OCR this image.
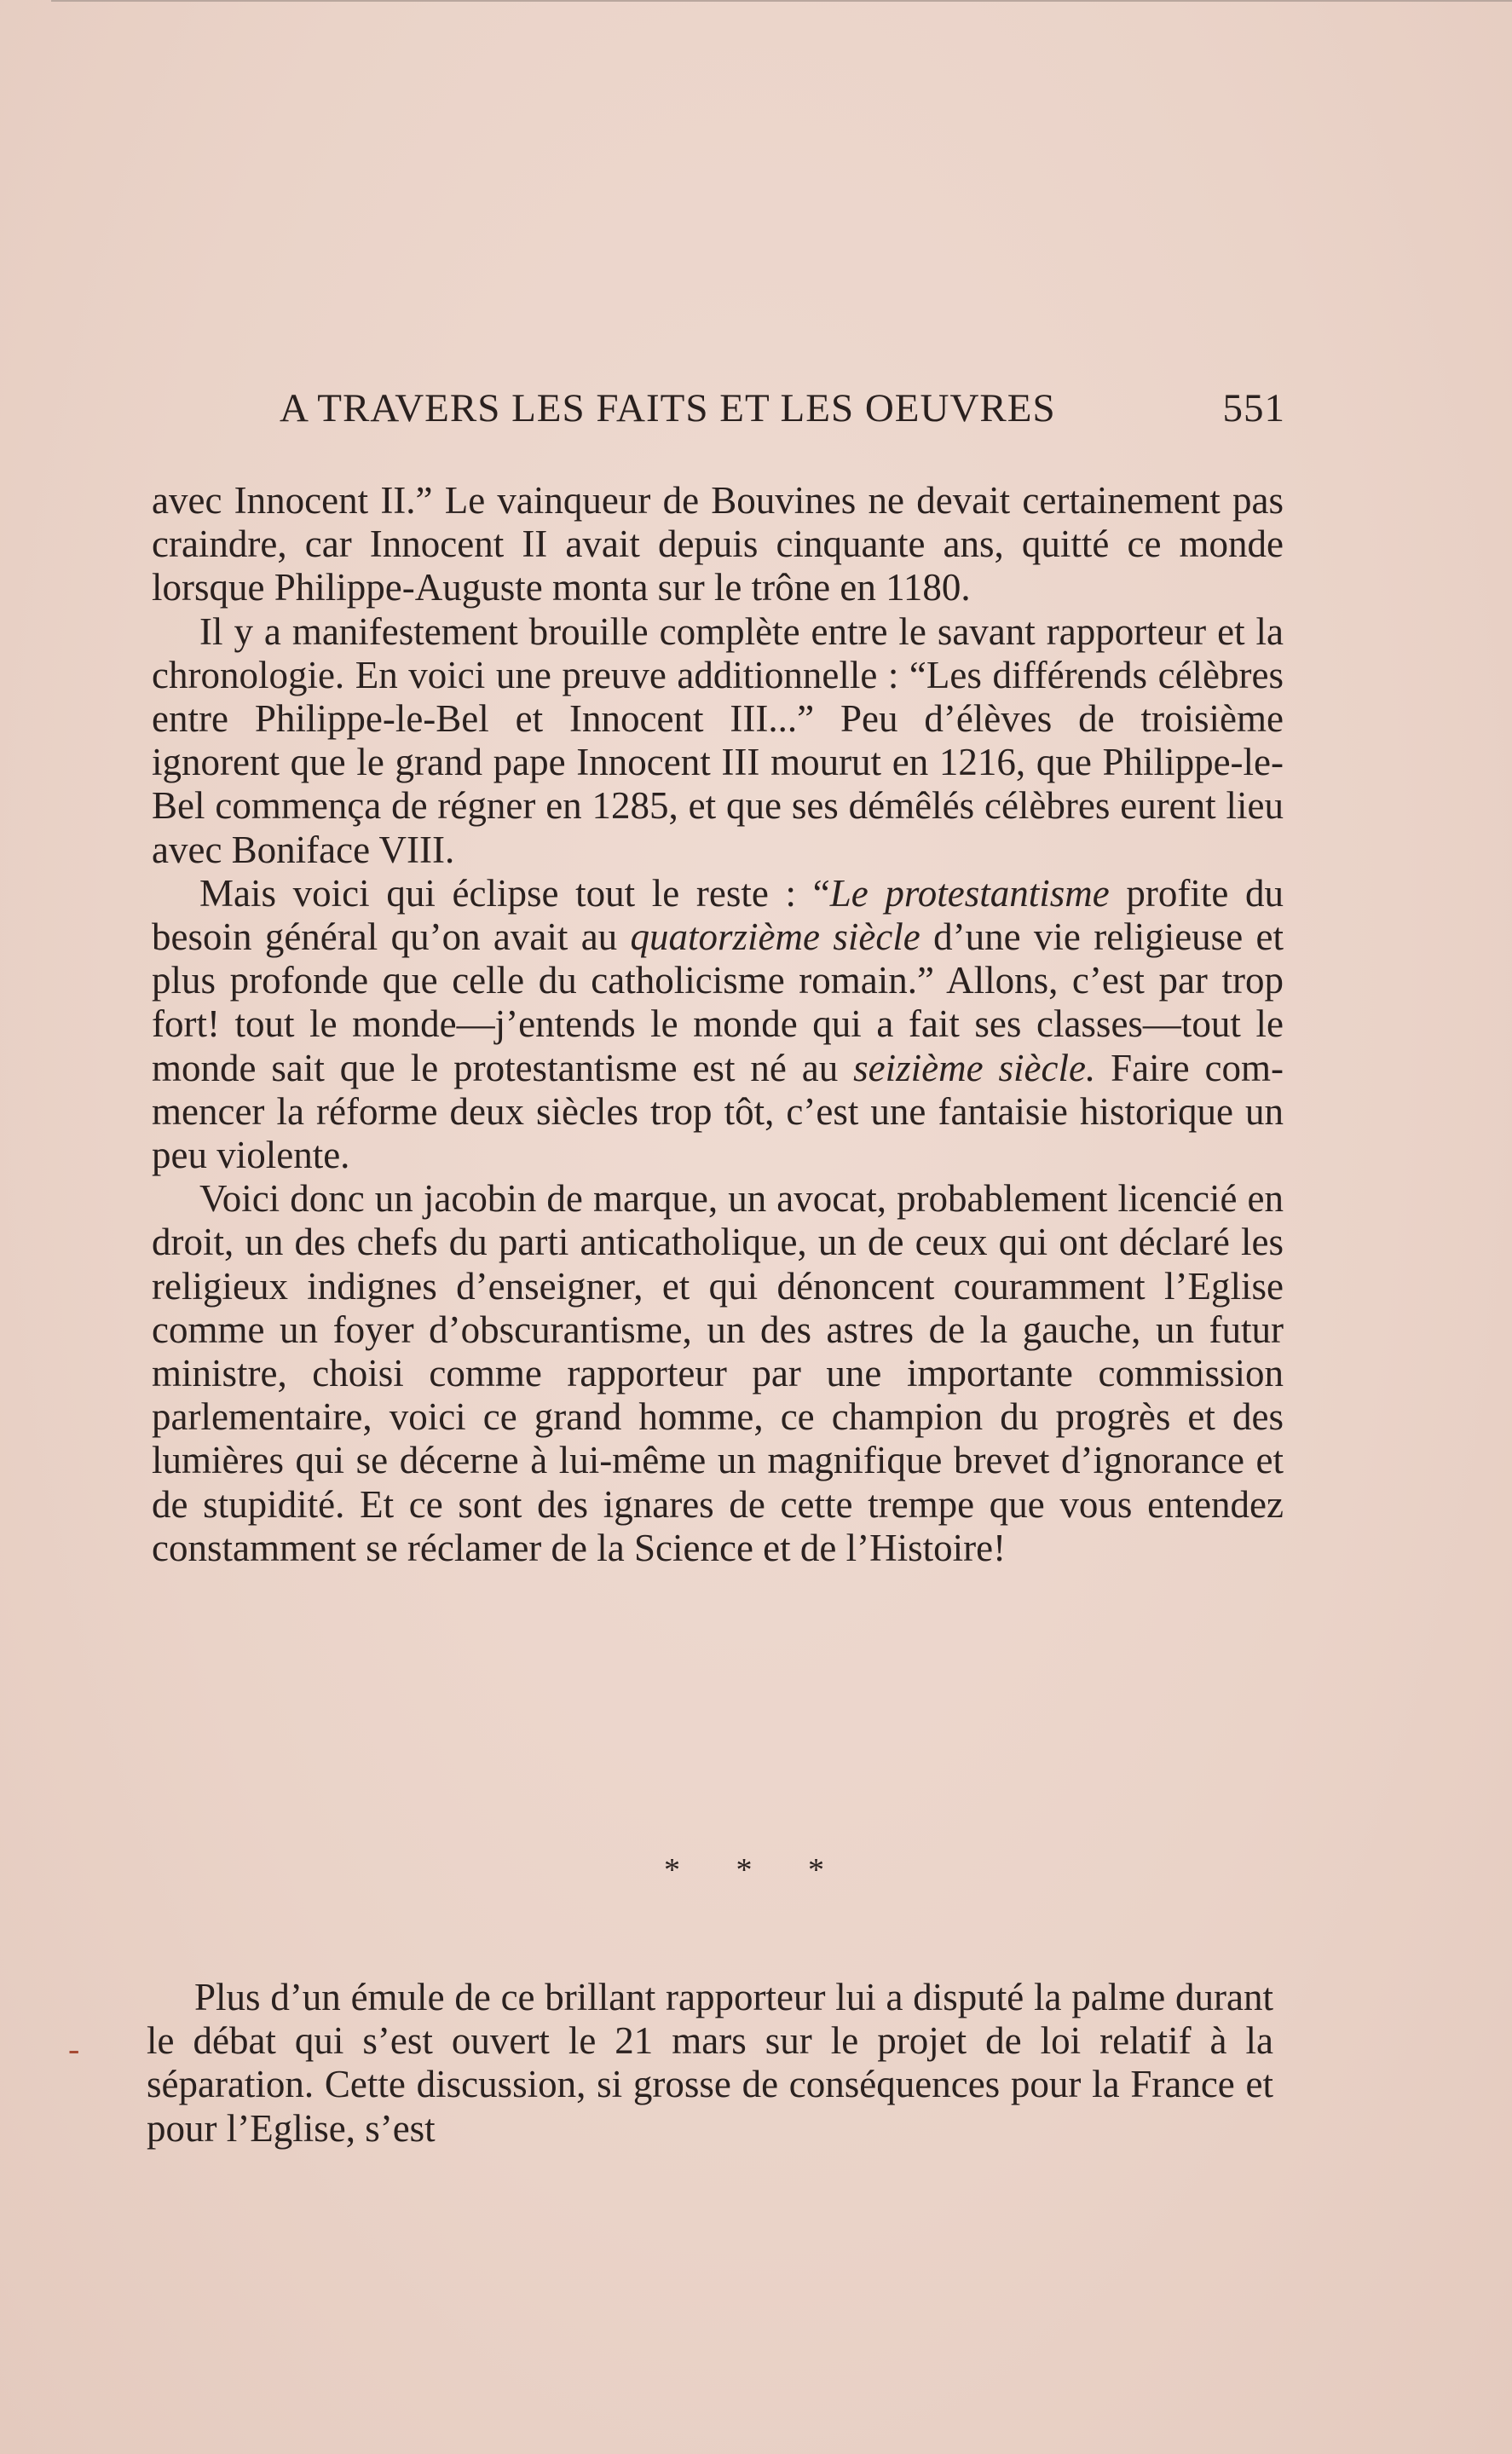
A TRAVERS LES FAITS ET LES OEUVRES	551

avec Innocent II.” Le vainqueur de Bouvines ne devait certainement pas craindre, car Innocent II avait depuis cinquante ans, quitté ce monde lorsque Philippe-Auguste monta sur le trône en 1180.

Il y a manifestement brouille complète entre le savant rapporteur et la chronologie. En voici une preuve additionnelle : “Les différends célèbres entre Philippe-le-Bel et Innocent III...” Peu d’élèves de troisième ignorent que le grand pape Innocent III mourut en 1216, que Philippe-le-Bel commença de régner en 1285, et que ses démêlés célèbres eurent lieu avec Boniface VIII.

Mais voici qui éclipse tout le reste : “Le protestantisme profite du besoin général qu’on avait au quatorzième siècle d’une vie religieuse et plus profonde que celle du catholicisme romain.” Allons, c’est par trop fort! tout le monde—j’entends le monde qui a fait ses classes—tout le monde sait que le protestantisme est né au seizième siècle. Faire commencer la réforme deux siècles trop tôt, c’est une fantaisie historique un peu violente.

Voici donc un jacobin de marque, un avocat, probablement licencié en droit, un des chefs du parti anticatholique, un de ceux qui ont déclaré les religieux indignes d’enseigner, et qui dénoncent couramment l’Eglise comme un foyer d’obscurantisme, un des astres de la gauche, un futur ministre, choisi comme rapporteur par une importante commission parlementaire, voici ce grand homme, ce champion du progrès et des lumières qui se décerne à lui-même un magnifique brevet d’ignorance et de stupidité. Et ce sont des ignares de cette trempe que vous entendez constamment se réclamer de la Science et de l’Histoire!

* * *

Plus d’un émule de ce brillant rapporteur lui a disputé la palme durant le débat qui s’est ouvert le 21 mars sur le projet de loi relatif à la séparation. Cette discussion, si grosse de conséquences pour la France et pour l’Eglise, s’est

-
